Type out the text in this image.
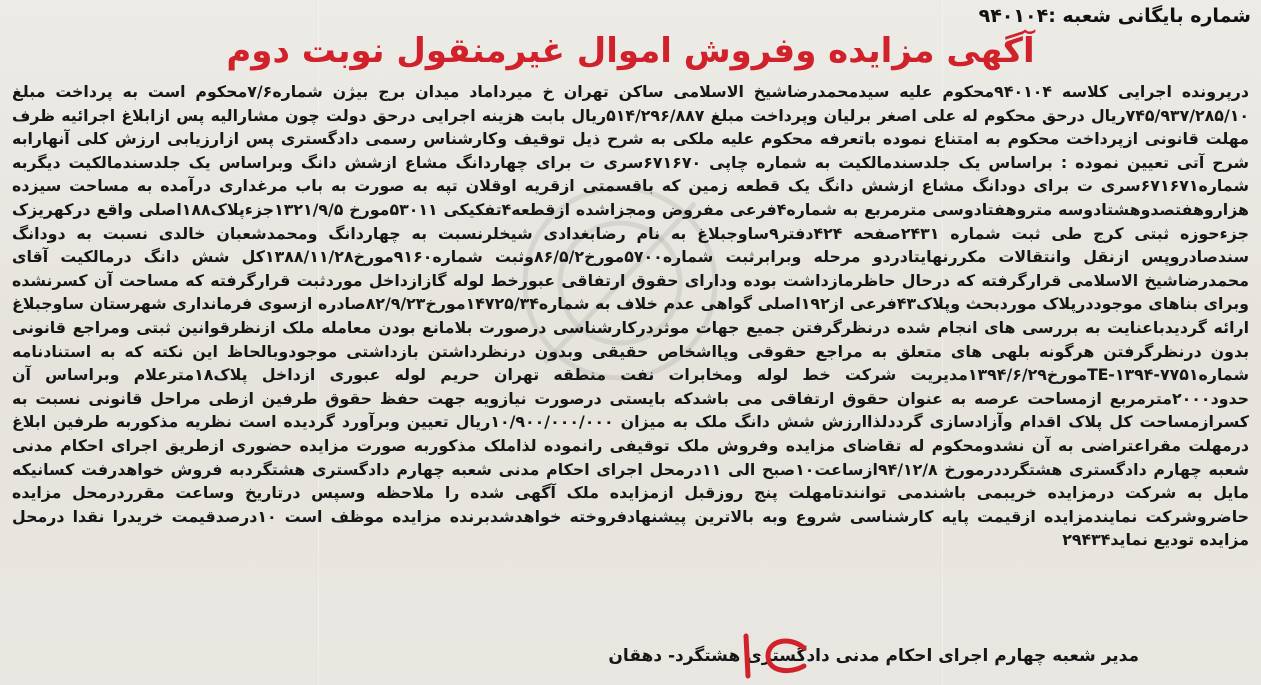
شماره بایگانی شعبه :۹۴۰۱۰۴
آگهی مزایده وفروش اموال غیرمنقول نوبت دوم
درپرونده اجرایی کلاسه ۹۴۰۱۰۴محکوم علیه سیدمحمدرضاشیخ الاسلامی ساکن تهران خ میرداماد میدان برج بیژن شماره۷/۶محکوم است به پرداخت مبلغ ۷۴۵/۹۳۷/۲۸۵/۱۰ریال درحق محکوم له علی اصغر برلیان وپرداخت مبلغ ۵۱۴/۲۹۶/۸۸۷ریال بابت هزینه اجرایی درحق دولت چون مشارالیه پس ازابلاغ اجرائیه ظرف مهلت قانونی ازپرداخت محکوم به امتناع نموده باتعرفه محکوم علیه ملکی به شرح ذیل توقیف وکارشناس رسمی دادگستری پس ازارزیابی ارزش کلی آنهارابه شرح آتی تعیین نموده : براساس یک جلدسندمالکیت به شماره چاپی ۶۷۱۶۷۰سری ت برای چهاردانگ مشاع ازشش دانگ وبراساس یک جلدسندمالکیت دیگربه شماره۶۷۱۶۷۱سری ت برای دودانگ مشاع ازشش دانگ یک قطعه زمین که باقسمتی ازقریه اوقلان تپه به صورت به باب مرغداری درآمده به مساحت سیزده هزاروهفتصدوهشتادوسه متروهفتادوسی مترمربع به شماره۴فرعی مفروض ومجزاشده ازقطعه۴تفکیکی ۵۳۰۱۱مورخ ۱۳۲۱/۹/۵جزءپلاک۱۸۸اصلی واقع درکهریزک جزءحوزه ثبتی کرج طی ثبت شماره ۲۴۳۱صفحه ۴۲۴دفتر۹ساوجبلاغ به نام رضابغدادی شیخلرنسبت به چهاردانگ ومحمدشعبان خالدی نسبت به دودانگ سندصادروپس ازنقل وانتقالات مکررنهایتادردو مرحله وبرابرثبت شماره۵۷۰۰مورخ۸۶/۵/۲وثبت شماره۹۱۶۰مورخ۱۳۸۸/۱۱/۲۸کل شش دانگ درمالکیت آقای محمدرضاشیخ الاسلامی قرارگرفته که درحال حاظرمازداشت بوده ودارای حقوق ارتفاقی عبورخط لوله گازازداخل موردثبت قرارگرفته که مساحت آن کسرنشده وبرای بناهای موجوددرپلاک موردبحث وپلاک۴۳فرعی از۱۹۲اصلی گواهی عدم خلاف به شماره۱۴۷۲۵/۳۴مورخ۸۲/۹/۲۳صادره ازسوی فرمانداری شهرستان ساوجبلاغ ارائه گردیدباعنایت به بررسی های انجام شده درنظرگرفتن جمیع جهات موثردرکارشناسی درصورت بلامانع بودن معامله ملک ازنظرقوانین ثبتی ومراجع قانونی بدون درنظرگرفتن هرگونه بلهی های متعلق به مراجع حقوقی وپااشخاص حقیقی وبدون درنظرداشتن بازداشتی موجودوبالحاظ این نکته که به استنادنامه شماره۷۷۵۱-۱۳۹۴-TEمورخ۱۳۹۴/۶/۲۹مدیریت شرکت خط لوله ومخابرات نفت منطقه تهران حریم لوله عبوری ازداخل پلاک۱۸مترعلام وبراساس آن حدود۲۰۰۰مترمربع ازمساحت عرصه به عنوان حقوق ارتفاقی می باشدکه بایستی درصورت نیازویه جهت حفظ حقوق طرفین ازطی مراحل قانونی نسبت به کسرازمساحت کل پلاک اقدام وآزادسازی گرددلذاارزش شش دانگ ملک به میزان ۱۰/۹۰۰/۰۰۰/۰۰۰ریال تعیین وبرآورد گردیده است نظریه مذکوربه طرفین ابلاغ درمهلت مقراعتراضی به آن نشدومحکوم له تقاضای مزایده وفروش ملک توقیفی رانموده لذاملک مذکوربه صورت مزایده حضوری ازطریق اجرای احکام مدنی شعبه چهارم دادگستری هشتگرددرمورخ ۹۴/۱۲/۸ازساعت۱۰صبح الی ۱۱درمحل اجرای احکام مدنی شعبه چهارم دادگستری هشتگردبه فروش خواهدرفت کسانیکه مایل به شرکت درمزایده خریبمی باشندمی توانندتامهلت پنج روزقبل ازمزایده ملک آگهی شده را ملاحظه وسپس درتاریخ وساعت مقرردرمحل مزایده حاضروشرکت نمایندمزایده ازقیمت پایه کارشناسی شروع وبه بالاترین پیشنهادفروخته خواهدشدبرنده مزایده موظف است ۱۰درصدقیمت خریدرا نقدا درمحل مزایده تودیع نماید۲۹۴۳۴
مدیر شعبه چهارم اجرای احکام مدنی دادگستری هشتگرد- دهقان
